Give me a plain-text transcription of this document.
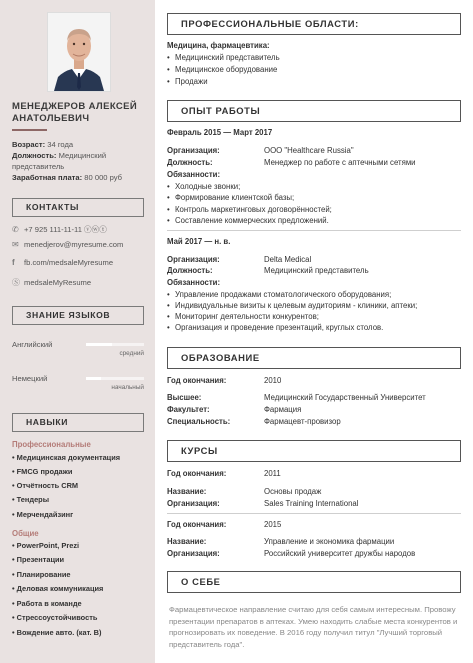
МЕНЕДЖЕРОВ АЛЕКСЕЙ
АНАТОЛЬЕВИЧ
Возраст: 34 года
Должность: Медицинский представитель
Заработная плата: 80 000 руб
КОНТАКТЫ
✆ +7 925 111-11-11 ⓥⓦⓣ
✉ menedjerov@myresume.com
f	fb.com/medsaleMyresume
Ⓢ medsaleMyResume
ЗНАНИЕ ЯЗЫКОВ
Английский
средний
Немецкий
начальный
НАВЫКИ
Профессиональные
• Медицинская документация
• FMCG продажи
• Отчётность CRM
• Тендеры
• Мерчендайзинг
Общие
• PowerPoint, Prezi
• Презентации
• Планирование
• Деловая коммуникация
• Работа в команде
• Стрессоустойчивость
• Вождение авто. (кат. B)
ПРОФЕССИОНАЛЬНЫЕ ОБЛАСТИ:
Медицина, фармацевтика:
• Медицинский представитель
• Медицинское оборудование
• Продажи
ОПЫТ РАБОТЫ
Февраль 2015 — Март 2017
Организация:	ООО "Healthcare Russia"
Должность:	Менеджер по работе с аптечными сетями
Обязанности:
• Холодные звонки;
• Формирование клиентской базы;
• Контроль маркетинговых договорённостей;
• Составление коммерческих предложений.
Май 2017 — н. в.
Организация:	Delta Medical
Должность:	Медицинский представитель
Обязанности:
• Управление продажами стоматологического оборудования;
• Индивидуальные визиты к целевым аудиториям - клиники, аптеки;
• Мониторинг деятельности конкурентов;
• Организация и проведение презентаций, круглых столов.
ОБРАЗОВАНИЕ
Год окончания:	2010
Высшее:	Медицинский Государственный Университет
Факультет:	Фармация
Специальность:	Фармацевт-провизор
КУРСЫ
Год окончания:	2011
Название:	Основы продаж
Организация:	Sales Training International
Год окончания:	2015
Название:	Управление и экономика фармации
Организация:	Российский университет дружбы народов
О СЕБЕ
Фармацевтическое направление считаю для себя самым интересным. Провожу презентации препаратов в аптеках. Умею находить слабые места конкурентов и прогнозировать их поведение. В 2016 году получил титул "Лучший торговый представитель года".
